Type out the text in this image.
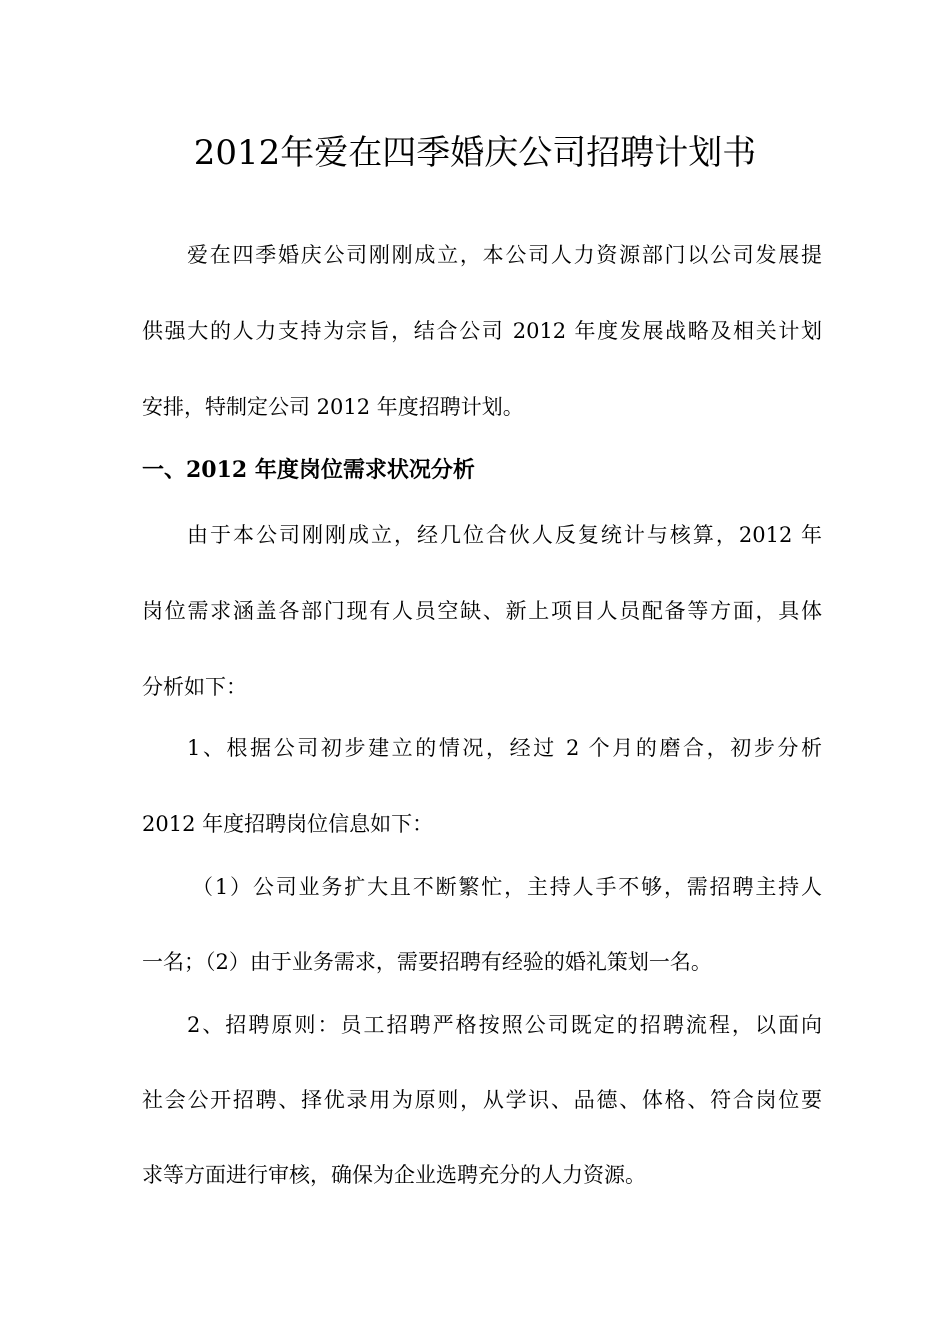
2012年爱在四季婚庆公司招聘计划书
爱在四季婚庆公司刚刚成立，本公司人力资源部门以公司发展提
供强大的人力支持为宗旨，结合公司 2012 年度发展战略及相关计划
安排，特制定公司 2012 年度招聘计划。
一、2012 年度岗位需求状况分析
由于本公司刚刚成立，经几位合伙人反复统计与核算，2012 年
岗位需求涵盖各部门现有人员空缺、新上项目人员配备等方面，具体
分析如下：
1、根据公司初步建立的情况，经过 2 个月的磨合，初步分析
2012 年度招聘岗位信息如下：
（1）公司业务扩大且不断繁忙，主持人手不够，需招聘主持人
一名；（2）由于业务需求，需要招聘有经验的婚礼策划一名。
2、招聘原则：员工招聘严格按照公司既定的招聘流程，以面向
社会公开招聘、择优录用为原则，从学识、品德、体格、符合岗位要
求等方面进行审核，确保为企业选聘充分的人力资源。
